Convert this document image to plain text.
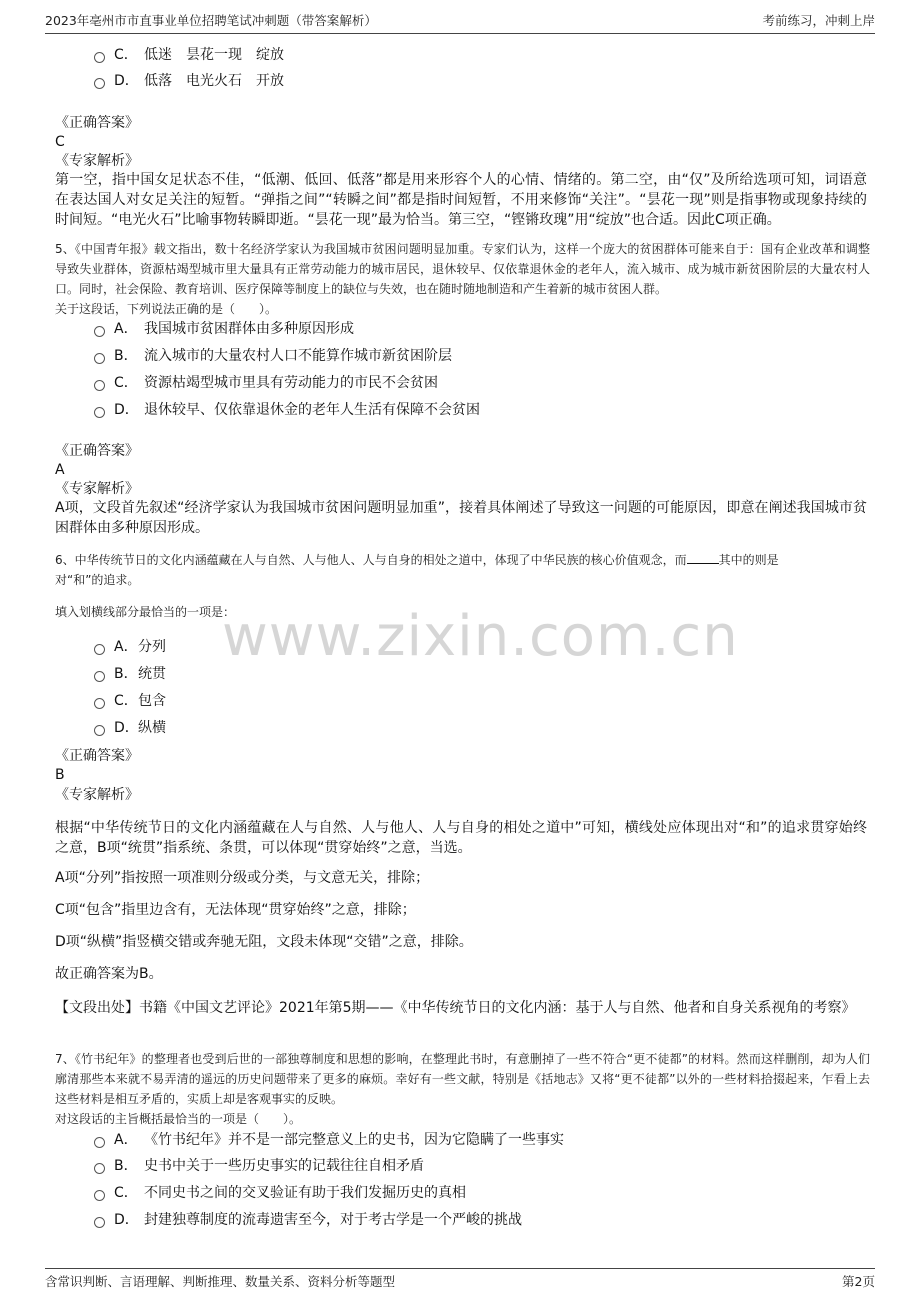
2023年亳州市市直事业单位招聘笔试冲刺题（带答案解析）	考前练习，冲刺上岸
www.zixin.com.cn
C． 低迷　昙花一现　绽放
D． 低落　电光火石　开放
《正确答案》
C
《专家解析》
第一空，指中国女足状态不佳，“低潮、低回、低落”都是用来形容个人的心情、情绪的。第二空，由“仅”及所给选项可知，词语意在表达国人对女足关注的短暂。“弹指之间”“转瞬之间”都是指时间短暂，不用来修饰“关注”。“昙花一现”则是指事物或现象持续的时间短。“电光火石”比喻事物转瞬即逝。“昙花一现”最为恰当。第三空，“铿锵玫瑰”用“绽放”也合适。因此C项正确。
5、《中国青年报》载文指出，数十名经济学家认为我国城市贫困问题明显加重。专家们认为，这样一个庞大的贫困群体可能来自于：国有企业改革和调整导致失业群体，资源枯竭型城市里大量具有正常劳动能力的城市居民，退休较早、仅依靠退休金的老年人，流入城市、成为城市新贫困阶层的大量农村人口。同时，社会保险、教育培训、医疗保障等制度上的缺位与失效，也在随时随地制造和产生着新的城市贫困人群。
关于这段话，下列说法正确的是（　　）。
A． 我国城市贫困群体由多种原因形成
B． 流入城市的大量农村人口不能算作城市新贫困阶层
C． 资源枯竭型城市里具有劳动能力的市民不会贫困
D． 退休较早、仅依靠退休金的老年人生活有保障不会贫困
《正确答案》
A
《专家解析》
A项，文段首先叙述“经济学家认为我国城市贫困问题明显加重”，接着具体阐述了导致这一问题的可能原因，即意在阐述我国城市贫困群体由多种原因形成。
6、中华传统节日的文化内涵蕴藏在人与自然、人与他人、人与自身的相处之道中，体现了中华民族的核心价值观念，而	其中的则是
对“和”的追求。
填入划横线部分最恰当的一项是：
A．分列
B．统贯
C．包含
D．纵横
《正确答案》
B
《专家解析》
根据“中华传统节日的文化内涵蕴藏在人与自然、人与他人、人与自身的相处之道中”可知，横线处应体现出对“和”的追求贯穿始终之意，B项“统贯”指系统、条贯，可以体现“贯穿始终”之意，当选。
A项“分列”指按照一项准则分级或分类，与文意无关，排除；
C项“包含”指里边含有，无法体现“贯穿始终”之意，排除；
D项“纵横”指竖横交错或奔驰无阻，文段未体现“交错”之意，排除。
故正确答案为B。
【文段出处】书籍《中国文艺评论》2021年第5期——《中华传统节日的文化内涵：基于人与自然、他者和自身关系视角的考察》
7、《竹书纪年》的整理者也受到后世的一部独尊制度和思想的影响，在整理此书时，有意删掉了一些不符合“更不徒都”的材料。然而这样删削，却为人们廓清那些本来就不易弄清的遥远的历史问题带来了更多的麻烦。幸好有一些文献，特别是《括地志》又将“更不徒都”以外的一些材料拾掇起来，乍看上去这些材料是相互矛盾的，实质上却是客观事实的反映。
对这段话的主旨概括最恰当的一项是（　　）。
A． 《竹书纪年》并不是一部完整意义上的史书，因为它隐瞒了一些事实
B． 史书中关于一些历史事实的记载往往自相矛盾
C． 不同史书之间的交叉验证有助于我们发掘历史的真相
D． 封建独尊制度的流毒遗害至今，对于考古学是一个严峻的挑战
含常识判断、言语理解、判断推理、数量关系、资料分析等题型	第2页
